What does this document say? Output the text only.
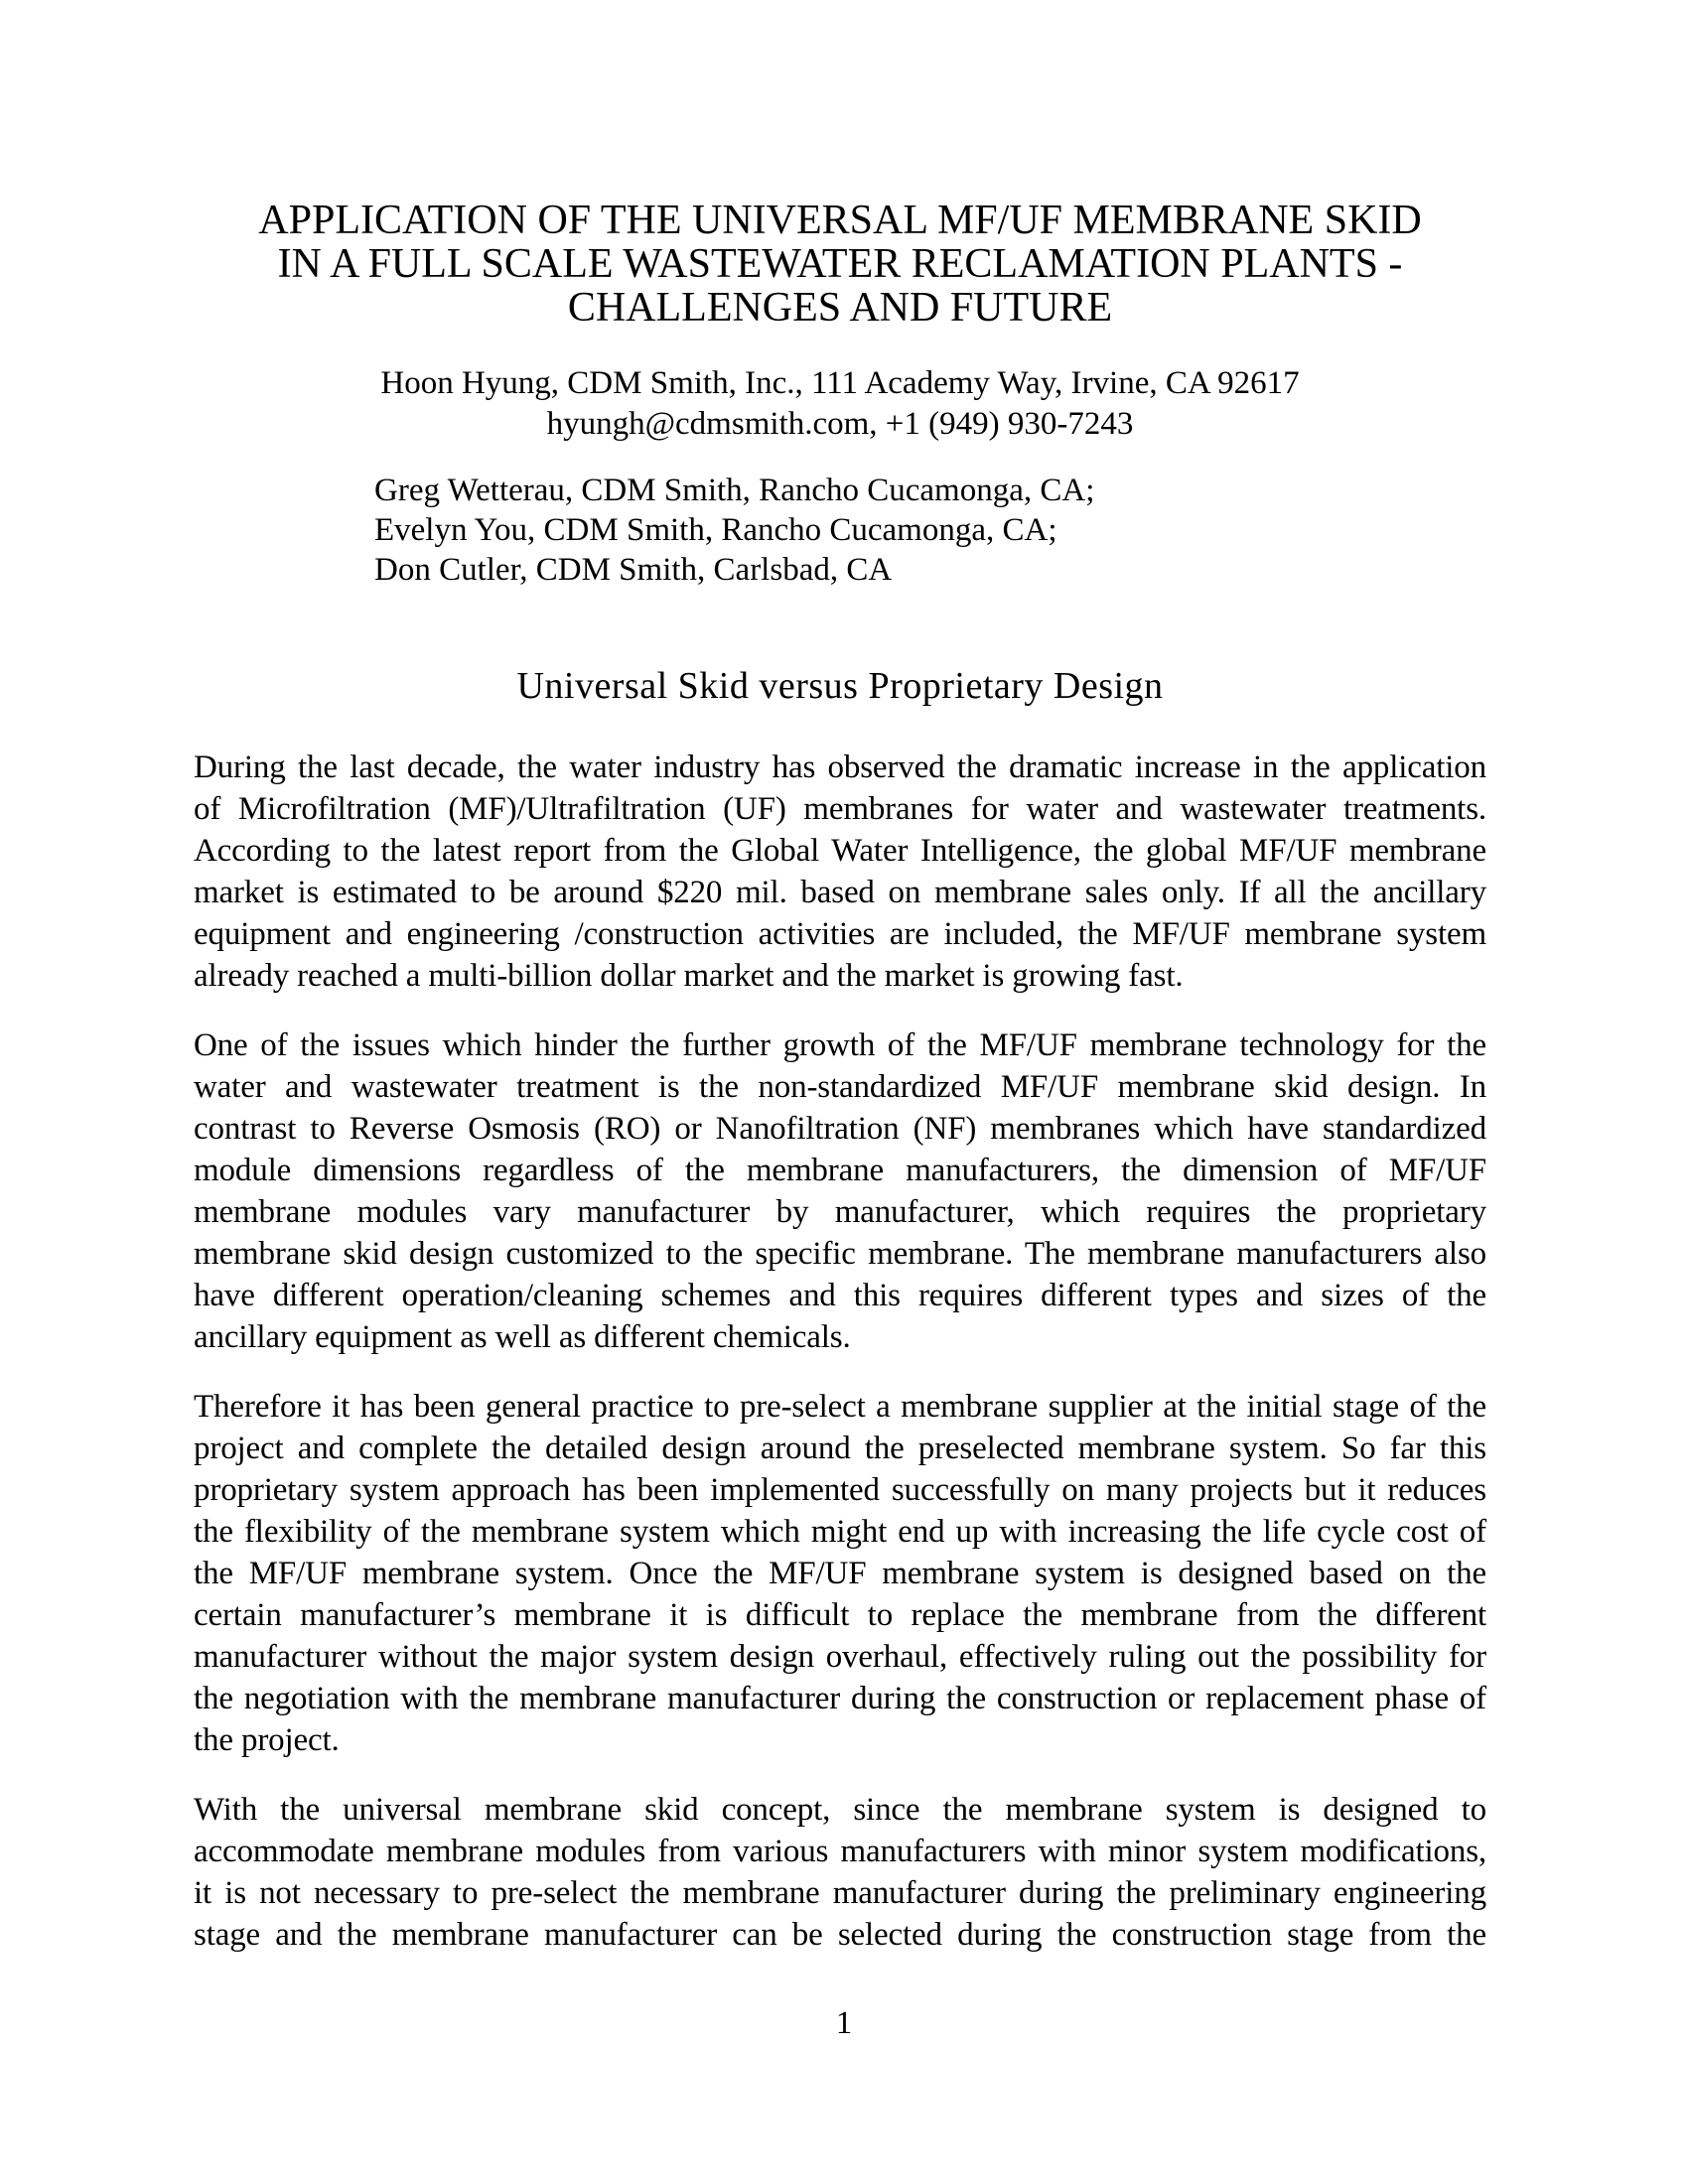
APPLICATION OF THE UNIVERSAL MF/UF MEMBRANE SKID
IN A FULL SCALE WASTEWATER RECLAMATION PLANTS -
CHALLENGES AND FUTURE
Hoon Hyung, CDM Smith, Inc., 111 Academy Way, Irvine, CA 92617
hyungh@cdmsmith.com, +1 (949) 930-7243
Greg Wetterau, CDM Smith, Rancho Cucamonga, CA;
Evelyn You, CDM Smith, Rancho Cucamonga, CA;
Don Cutler, CDM Smith, Carlsbad, CA
Universal Skid versus Proprietary Design
During the last decade, the water industry has observed the dramatic increase in the application
of Microfiltration (MF)/Ultrafiltration (UF) membranes for water and wastewater treatments.
According to the latest report from the Global Water Intelligence, the global MF/UF membrane
market is estimated to be around $220 mil. based on membrane sales only. If all the ancillary
equipment and engineering /construction activities are included, the MF/UF membrane system
already reached a multi-billion dollar market and the market is growing fast.
One of the issues which hinder the further growth of the MF/UF membrane technology for the
water and wastewater treatment is the non-standardized MF/UF membrane skid design. In
contrast to Reverse Osmosis (RO) or Nanofiltration (NF) membranes which have standardized
module dimensions regardless of the membrane manufacturers, the dimension of MF/UF
membrane modules vary manufacturer by manufacturer, which requires the proprietary
membrane skid design customized to the specific membrane. The membrane manufacturers also
have different operation/cleaning schemes and this requires different types and sizes of the
ancillary equipment as well as different chemicals.
Therefore it has been general practice to pre-select a membrane supplier at the initial stage of the
project and complete the detailed design around the preselected membrane system. So far this
proprietary system approach has been implemented successfully on many projects but it reduces
the flexibility of the membrane system which might end up with increasing the life cycle cost of
the MF/UF membrane system. Once the MF/UF membrane system is designed based on the
certain manufacturer’s membrane it is difficult to replace the membrane from the different
manufacturer without the major system design overhaul, effectively ruling out the possibility for
the negotiation with the membrane manufacturer during the construction or replacement phase of
the project.
With the universal membrane skid concept, since the membrane system is designed to
accommodate membrane modules from various manufacturers with minor system modifications,
it is not necessary to pre-select the membrane manufacturer during the preliminary engineering
stage and the membrane manufacturer can be selected during the construction stage from the
1
